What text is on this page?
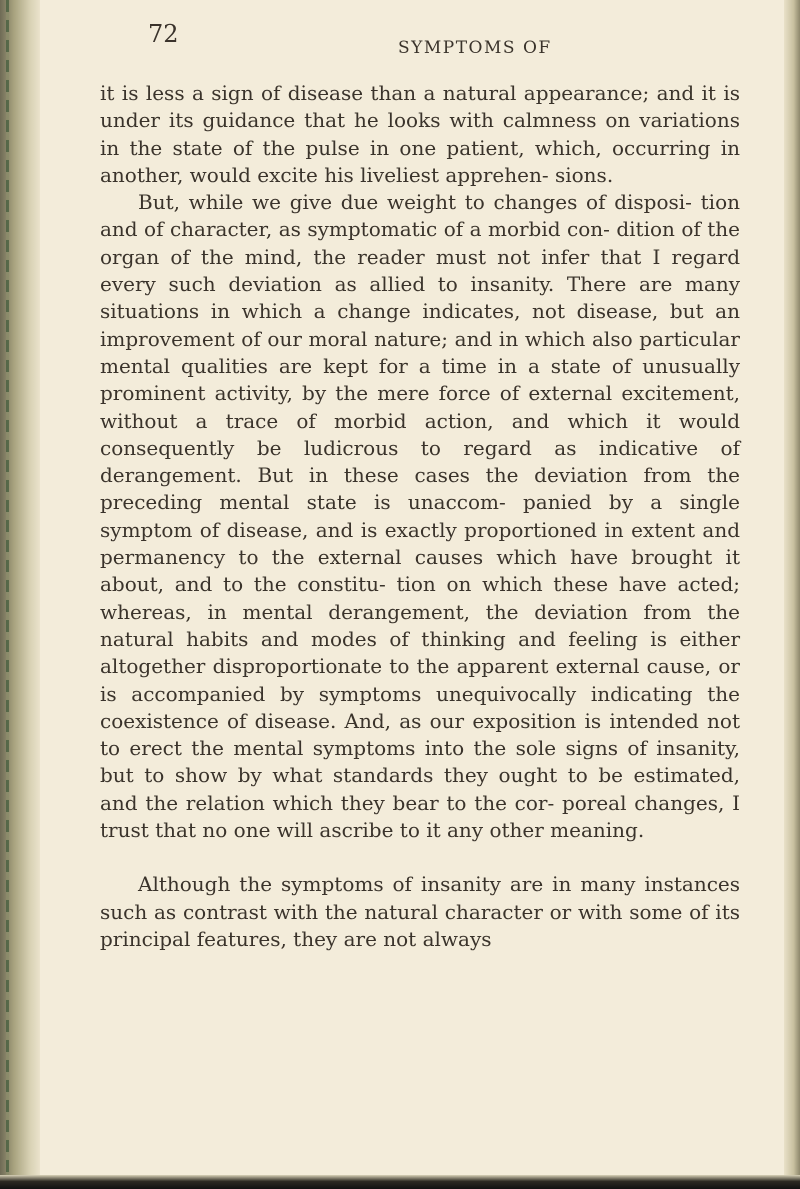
72	SYMPTOMS OF

it is less a sign of disease than a natural appearance; and it is under its guidance that he looks with calmness on variations in the state of the pulse in one patient, which, occurring in another, would excite his liveliest apprehen- sions.

But, while we give due weight to changes of disposi- tion and of character, as symptomatic of a morbid con- dition of the organ of the mind, the reader must not infer that I regard every such deviation as allied to insanity. There are many situations in which a change indicates, not disease, but an improvement of our moral nature; and in which also particular mental qualities are kept for a time in a state of unusually prominent activity, by the mere force of external excitement, without a trace of morbid action, and which it would consequently be ludicrous to regard as indicative of derangement. But in these cases the deviation from the preceding mental state is unaccom- panied by a single symptom of disease, and is exactly proportioned in extent and permanency to the external causes which have brought it about, and to the constitu- tion on which these have acted; whereas, in mental derangement, the deviation from the natural habits and modes of thinking and feeling is either altogether disproportionate to the apparent external cause, or is accompanied by symptoms unequivocally indicating the coexistence of disease. And, as our exposition is intended not to erect the mental symptoms into the sole signs of insanity, but to show by what standards they ought to be estimated, and the relation which they bear to the cor- poreal changes, I trust that no one will ascribe to it any other meaning.

Although the symptoms of insanity are in many instances such as contrast with the natural character or with some of its principal features, they are not always
